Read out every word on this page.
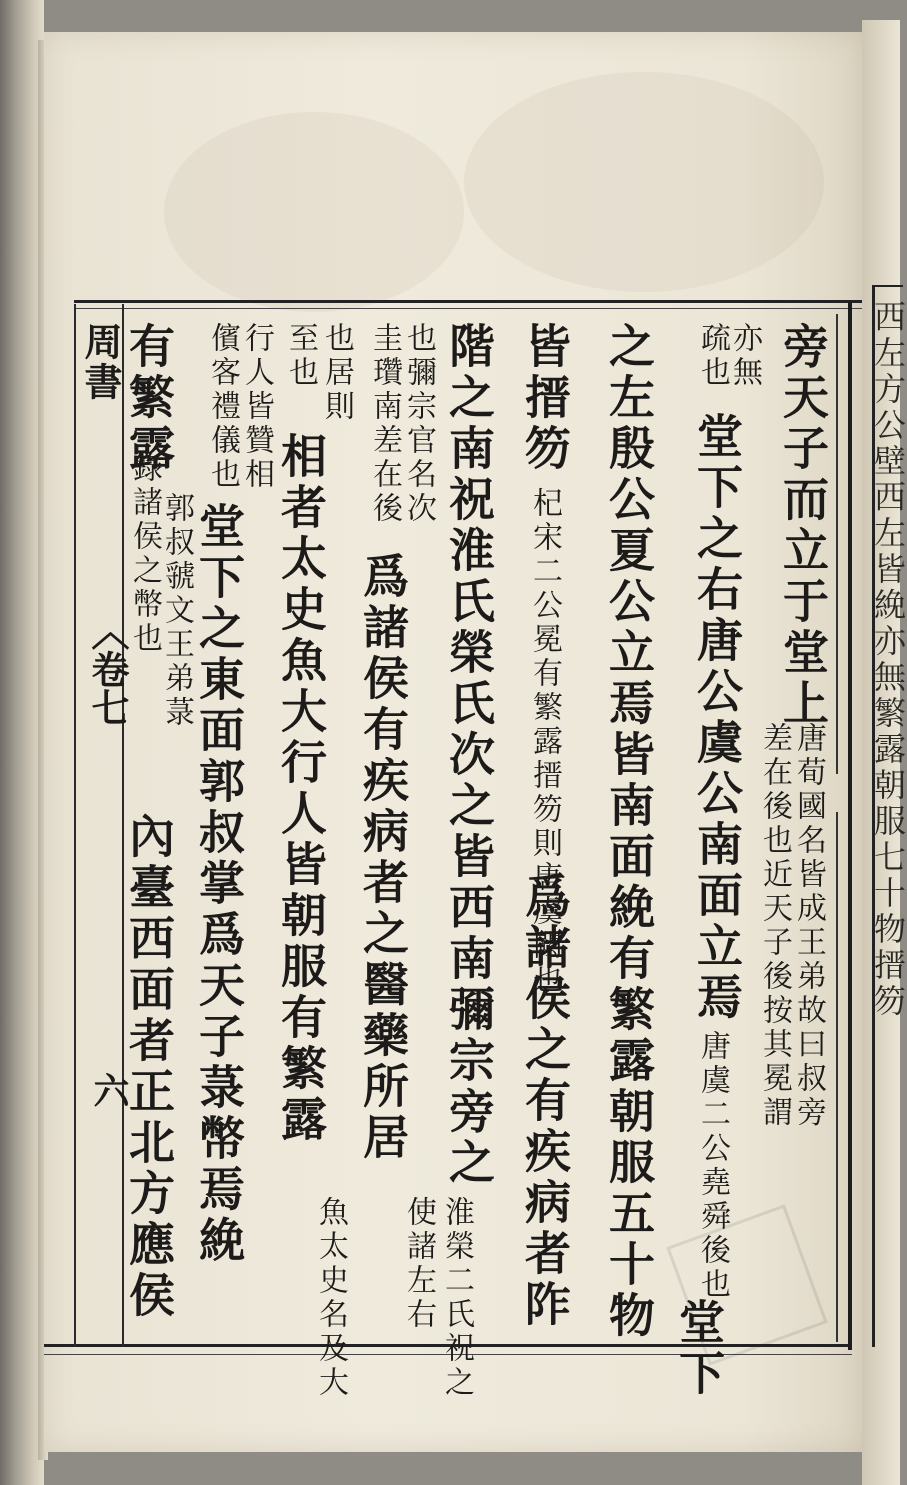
周書
〈卷七
六
旁天子而立于堂上
唐荀國名皆成王弟故曰叔旁
差在後也近天子後按其冕謂
亦無
疏也
堂下之右唐公虞公南面立焉
唐虞二公堯舜後也
堂下
之左殷公夏公立焉皆南面絻有繁露朝服五十物
皆搢笏
杞宋二公冕有繁露搢笏則唐虞闕也
爲諸侯之有疾病者阼
階之南祝淮氏榮氏次之皆西南彌宗旁之
淮榮二氏祝之
也彌宗官名次
爲諸侯有疾病者之醫藥所居
使諸左右
圭瓚南差在後
也居則
相者太史魚大行人皆朝服有繁露
魚太史名及大
至也
行人皆贊相
堂下之東面郭叔掌爲天子菉幣焉絻
儐客禮儀也
有繁露
郭叔虢文王弟菉
內臺西面者正北方應侯
錄諸侯之幣也	西左方公壁西左皆絻亦無繁露朝服七十物搢笏
